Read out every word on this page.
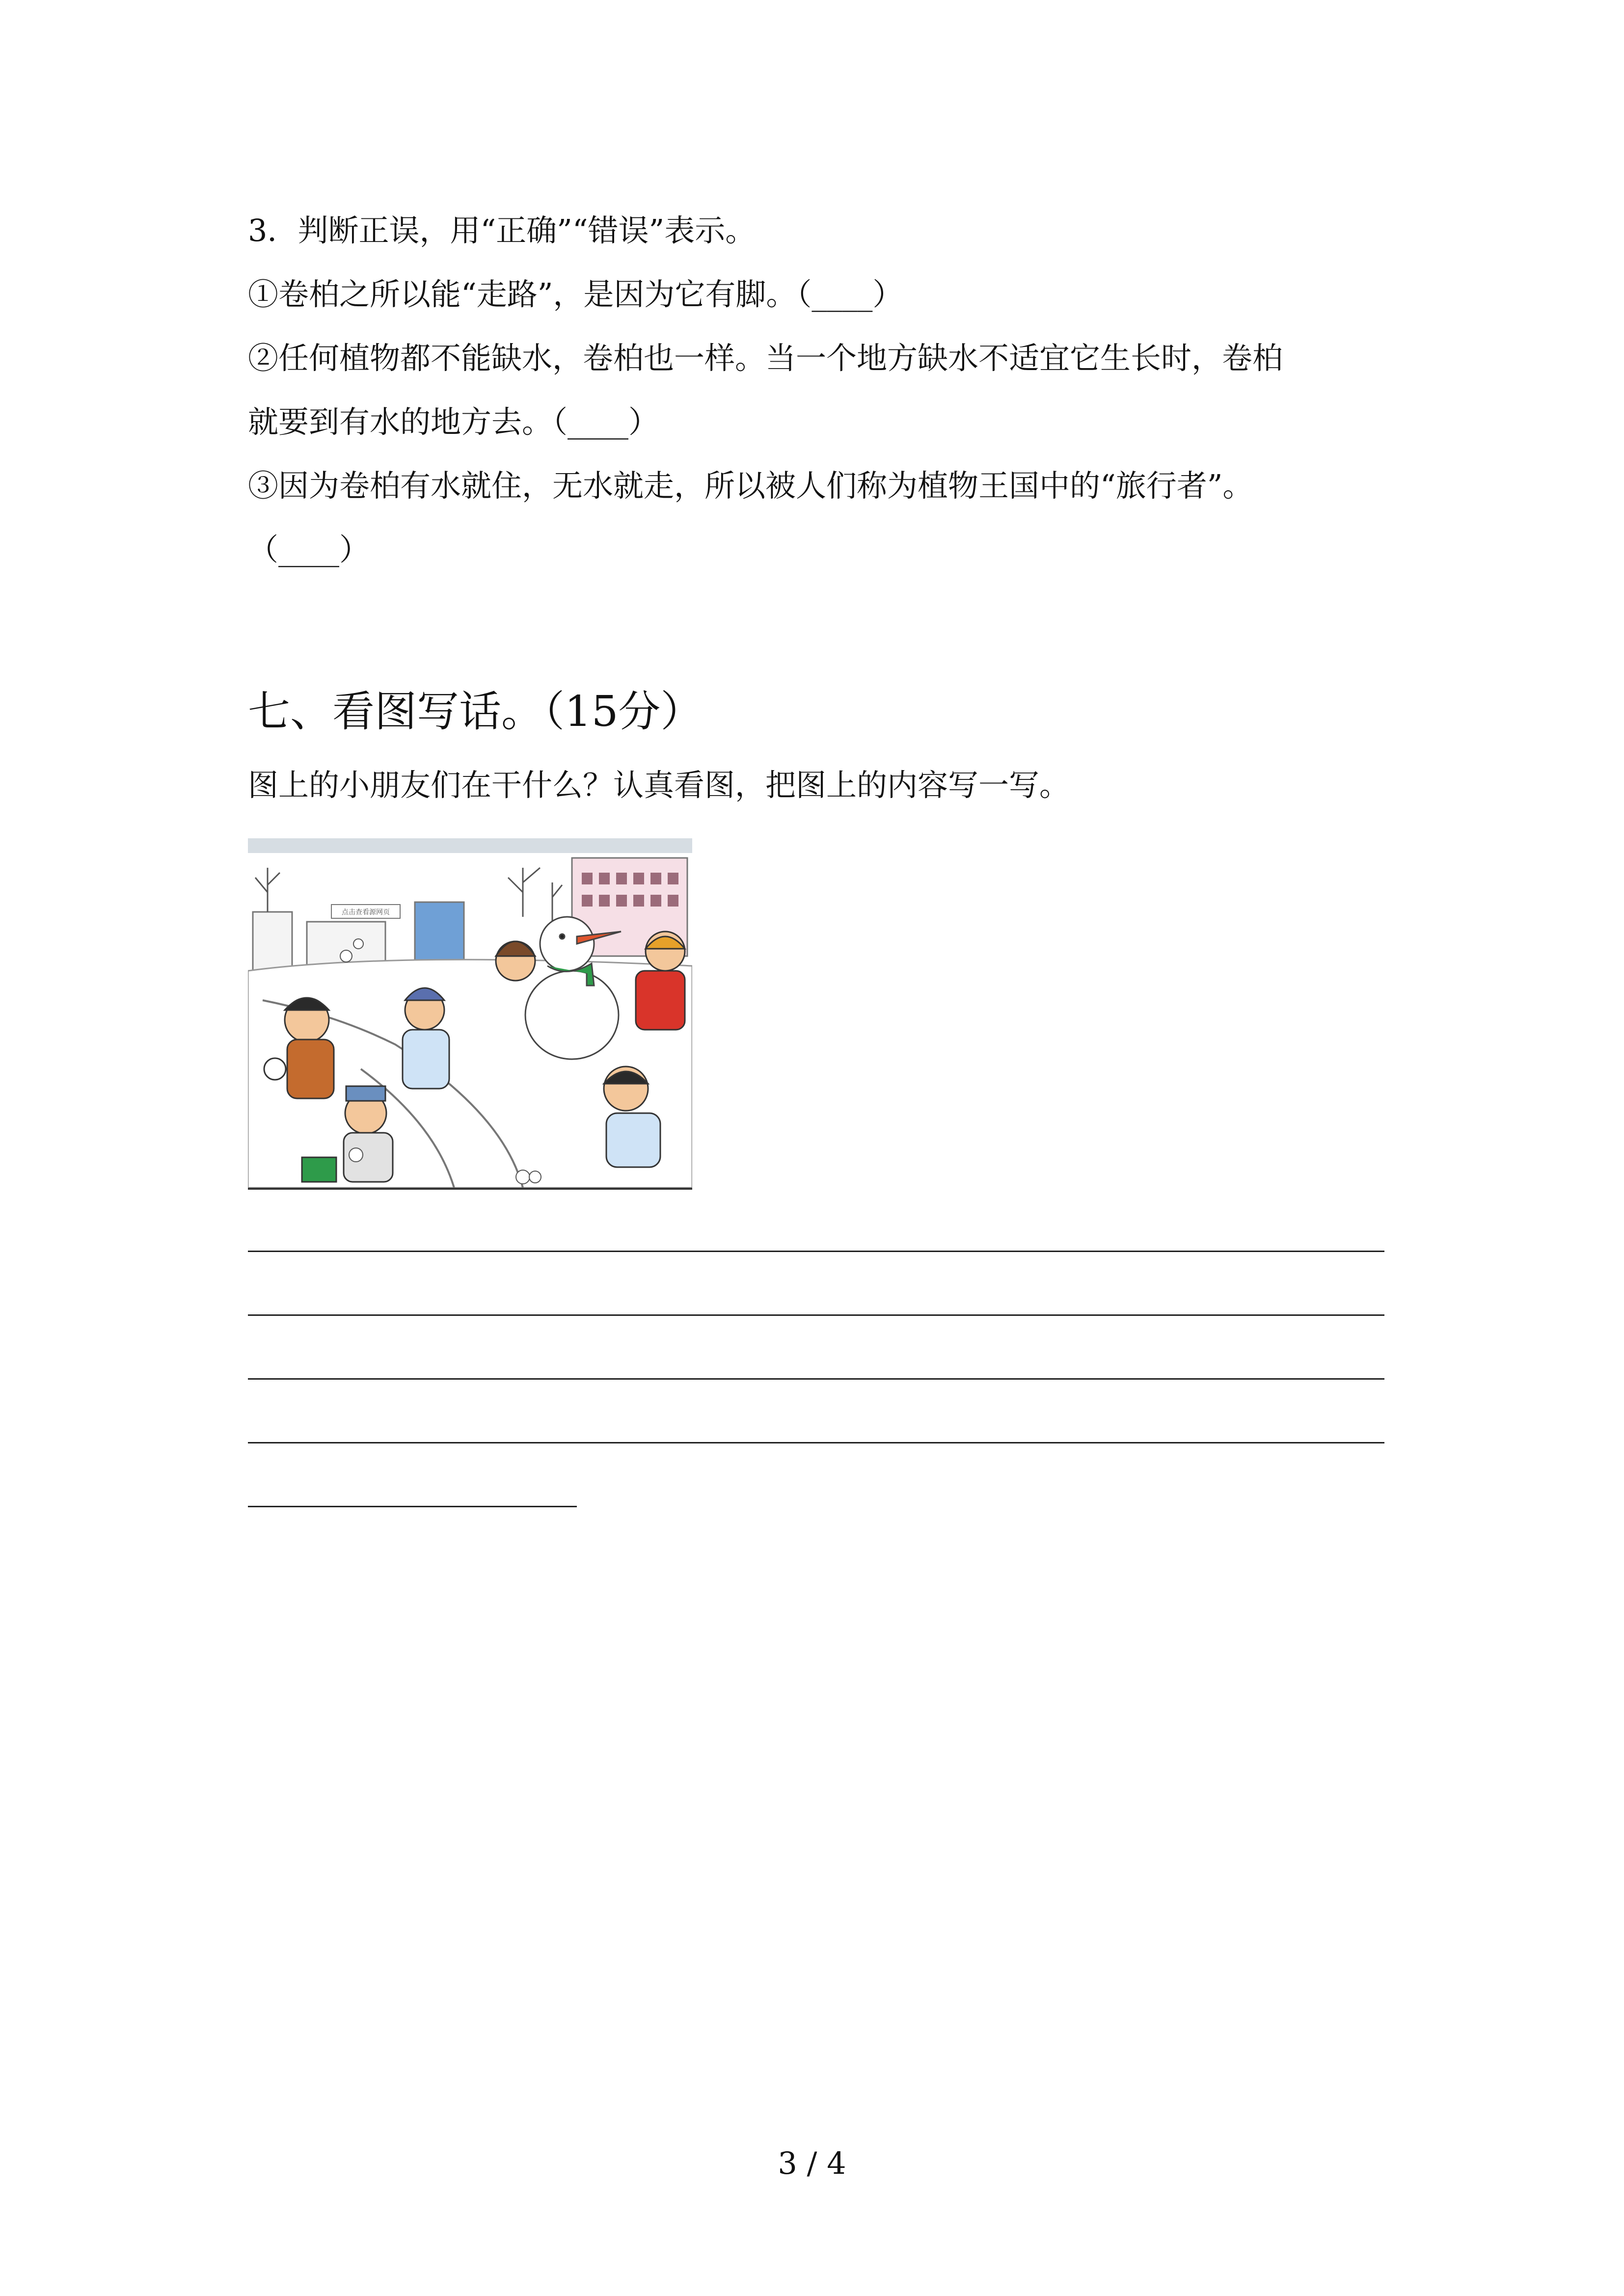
3．判断正误，用“正确”“错误”表示。
①卷柏之所以能“走路”，是因为它有脚。（____）
②任何植物都不能缺水，卷柏也一样。当一个地方缺水不适宜它生长时，卷柏
就要到有水的地方去。（____）
③因为卷柏有水就住，无水就走，所以被人们称为植物王国中的“旅行者”。
（____）
七、看图写话。（15分）
图上的小朋友们在干什么？认真看图，把图上的内容写一写。
点击查看源网页
3 / 4
